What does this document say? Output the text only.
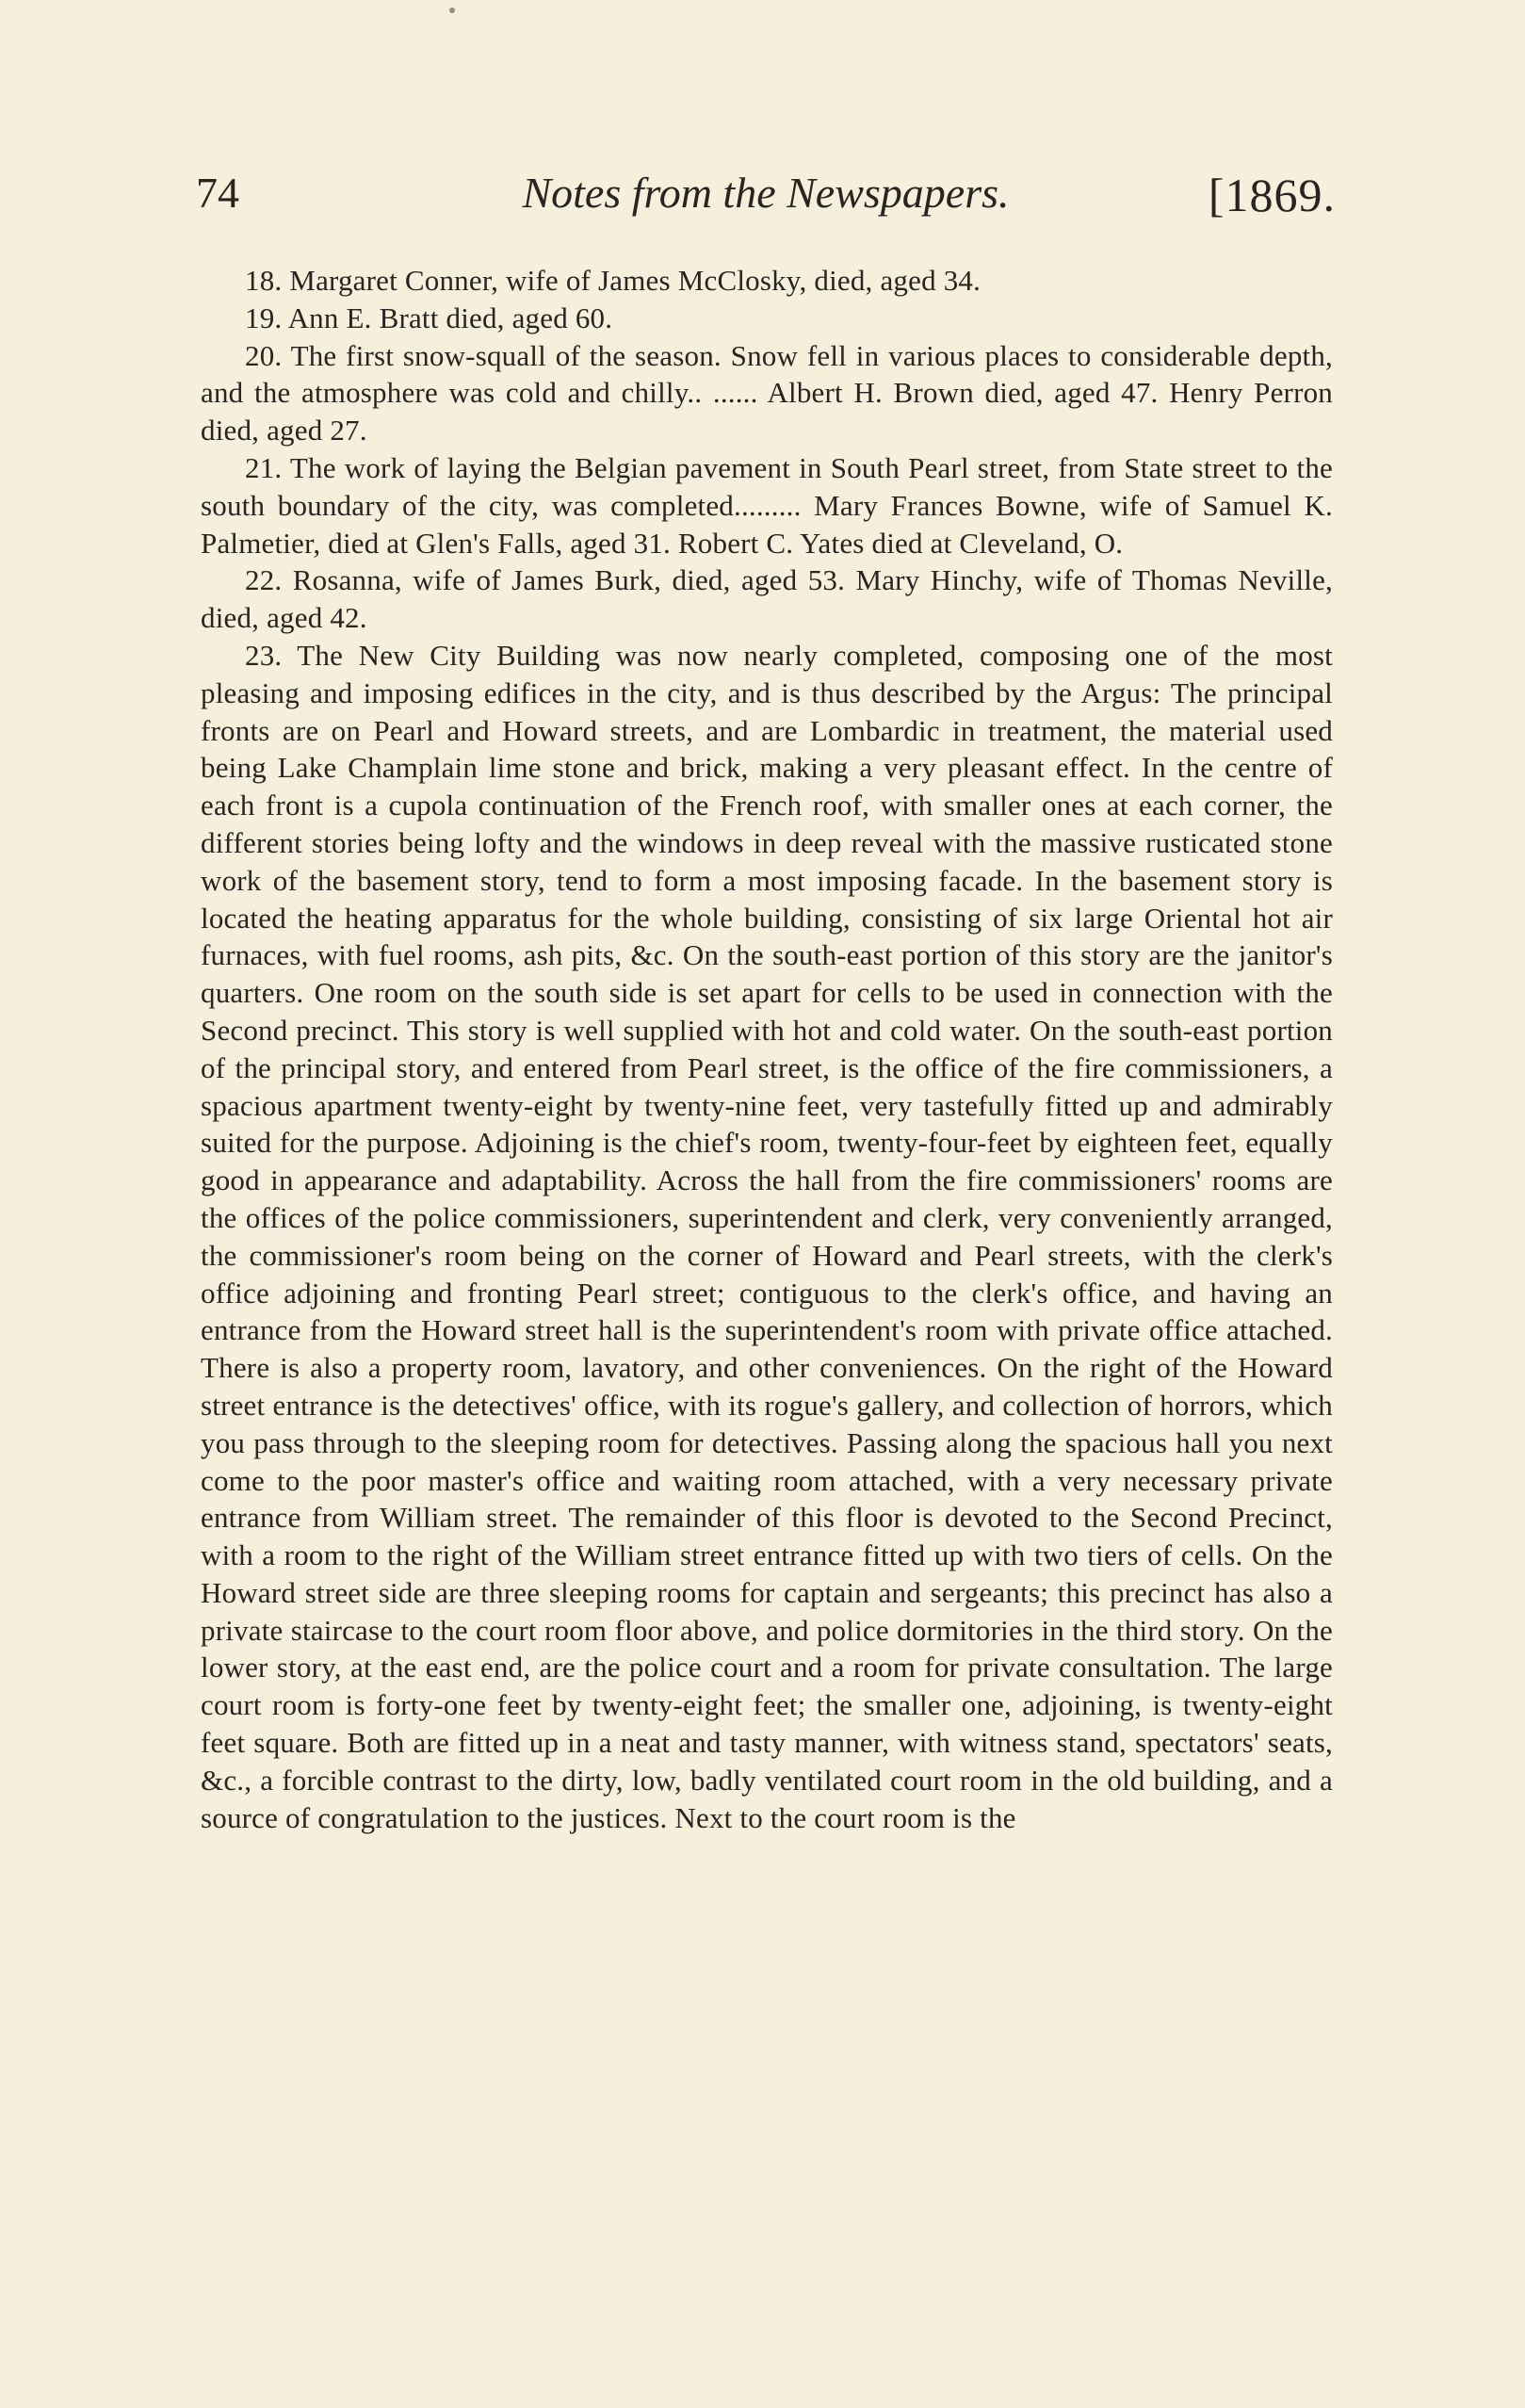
74	Notes from the Newspapers.	[1869.

18. Margaret Conner, wife of James McClosky, died, aged 34.

19. Ann E. Bratt died, aged 60.

20. The first snow-squall of the season. Snow fell in various places to considerable depth, and the atmosphere was cold and chilly.. ...... Albert H. Brown died, aged 47. Henry Perron died, aged 27.

21. The work of laying the Belgian pavement in South Pearl street, from State street to the south boundary of the city, was completed......... Mary Frances Bowne, wife of Samuel K. Palmetier, died at Glen's Falls, aged 31. Robert C. Yates died at Cleveland, O.

22. Rosanna, wife of James Burk, died, aged 53. Mary Hinchy, wife of Thomas Neville, died, aged 42.

23. The New City Building was now nearly completed, composing one of the most pleasing and imposing edifices in the city, and is thus described by the Argus: The principal fronts are on Pearl and Howard streets, and are Lombardic in treatment, the material used being Lake Champlain lime stone and brick, making a very pleasant effect. In the centre of each front is a cupola continuation of the French roof, with smaller ones at each corner, the different stories being lofty and the windows in deep reveal with the massive rusticated stone work of the basement story, tend to form a most imposing facade. In the basement story is located the heating apparatus for the whole building, consisting of six large Oriental hot air furnaces, with fuel rooms, ash pits, &c. On the south-east portion of this story are the janitor's quarters. One room on the south side is set apart for cells to be used in connection with the Second precinct. This story is well supplied with hot and cold water. On the south-east portion of the principal story, and entered from Pearl street, is the office of the fire commissioners, a spacious apartment twenty-eight by twenty-nine feet, very tastefully fitted up and admirably suited for the purpose. Adjoining is the chief's room, twenty-four-feet by eighteen feet, equally good in appearance and adaptability. Across the hall from the fire commissioners' rooms are the offices of the police commissioners, superintendent and clerk, very conveniently arranged, the commissioner's room being on the corner of Howard and Pearl streets, with the clerk's office adjoining and fronting Pearl street; contiguous to the clerk's office, and having an entrance from the Howard street hall is the superintendent's room with private office attached. There is also a property room, lavatory, and other conveniences. On the right of the Howard street entrance is the detectives' office, with its rogue's gallery, and collection of horrors, which you pass through to the sleeping room for detectives. Passing along the spacious hall you next come to the poor master's office and waiting room attached, with a very necessary private entrance from William street. The remainder of this floor is devoted to the Second Precinct, with a room to the right of the William street entrance fitted up with two tiers of cells. On the Howard street side are three sleeping rooms for captain and sergeants; this precinct has also a private staircase to the court room floor above, and police dormitories in the third story. On the lower story, at the east end, are the police court and a room for private consultation. The large court room is forty-one feet by twenty-eight feet; the smaller one, adjoining, is twenty-eight feet square. Both are fitted up in a neat and tasty manner, with witness stand, spectators' seats, &c., a forcible contrast to the dirty, low, badly ventilated court room in the old building, and a source of congratulation to the justices. Next to the court room is the
